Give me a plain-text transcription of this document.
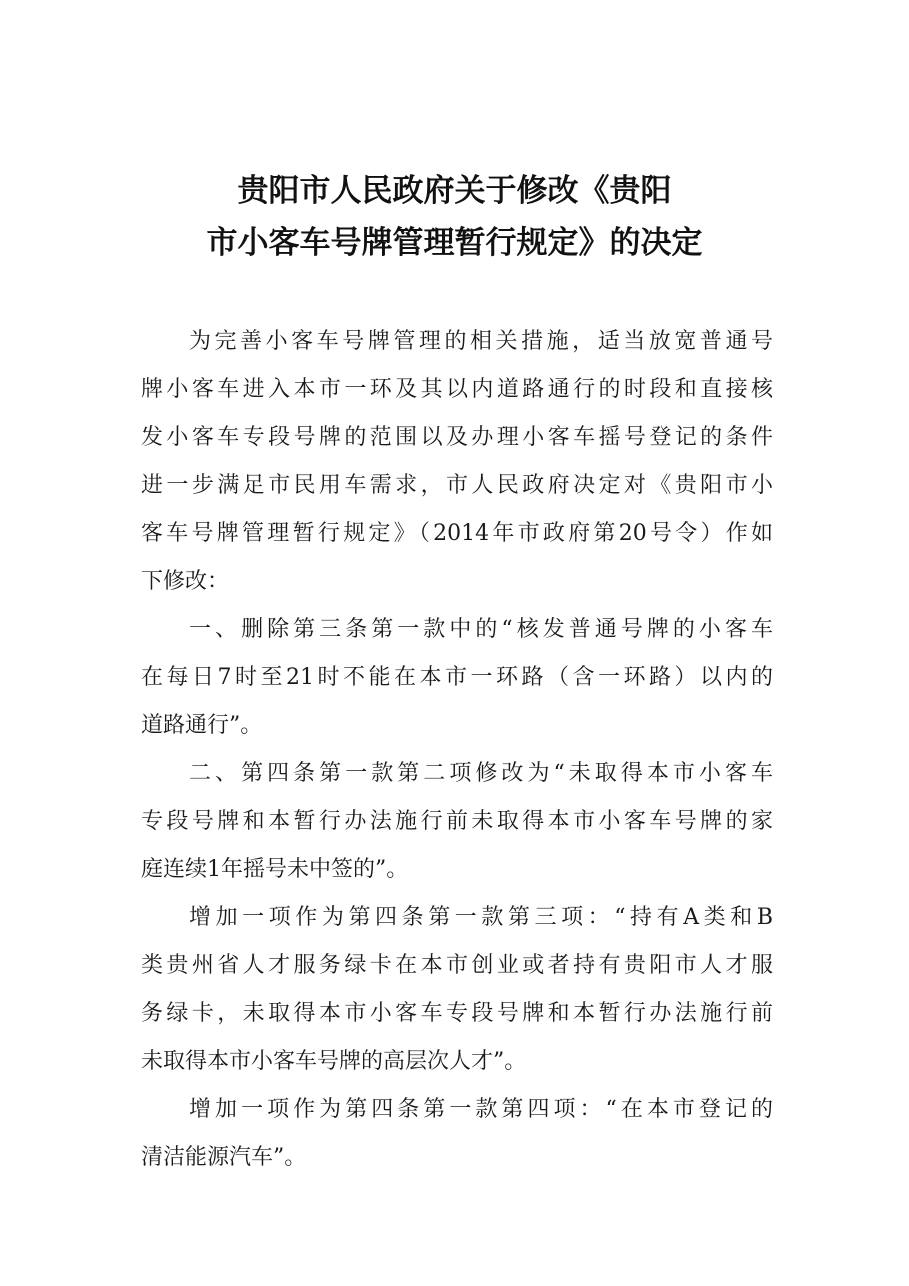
贵阳市人民政府关于修改《贵阳
市小客车号牌管理暂行规定》的决定

为完善小客车号牌管理的相关措施，适当放宽普通号
牌小客车进入本市一环及其以内道路通行的时段和直接核
发小客车专段号牌的范围以及办理小客车摇号登记的条件
进一步满足市民用车需求，市人民政府决定对《贵阳市小
客车号牌管理暂行规定》（2014年市政府第20号令）作如
下修改：

一、删除第三条第一款中的“核发普通号牌的小客车
在每日7时至21时不能在本市一环路（含一环路）以内的
道路通行”。

二、第四条第一款第二项修改为“未取得本市小客车
专段号牌和本暂行办法施行前未取得本市小客车号牌的家
庭连续1年摇号未中签的”。

增加一项作为第四条第一款第三项：“持有A类和B
类贵州省人才服务绿卡在本市创业或者持有贵阳市人才服
务绿卡，未取得本市小客车专段号牌和本暂行办法施行前
未取得本市小客车号牌的高层次人才”。

增加一项作为第四条第一款第四项：“在本市登记的
清洁能源汽车”。
